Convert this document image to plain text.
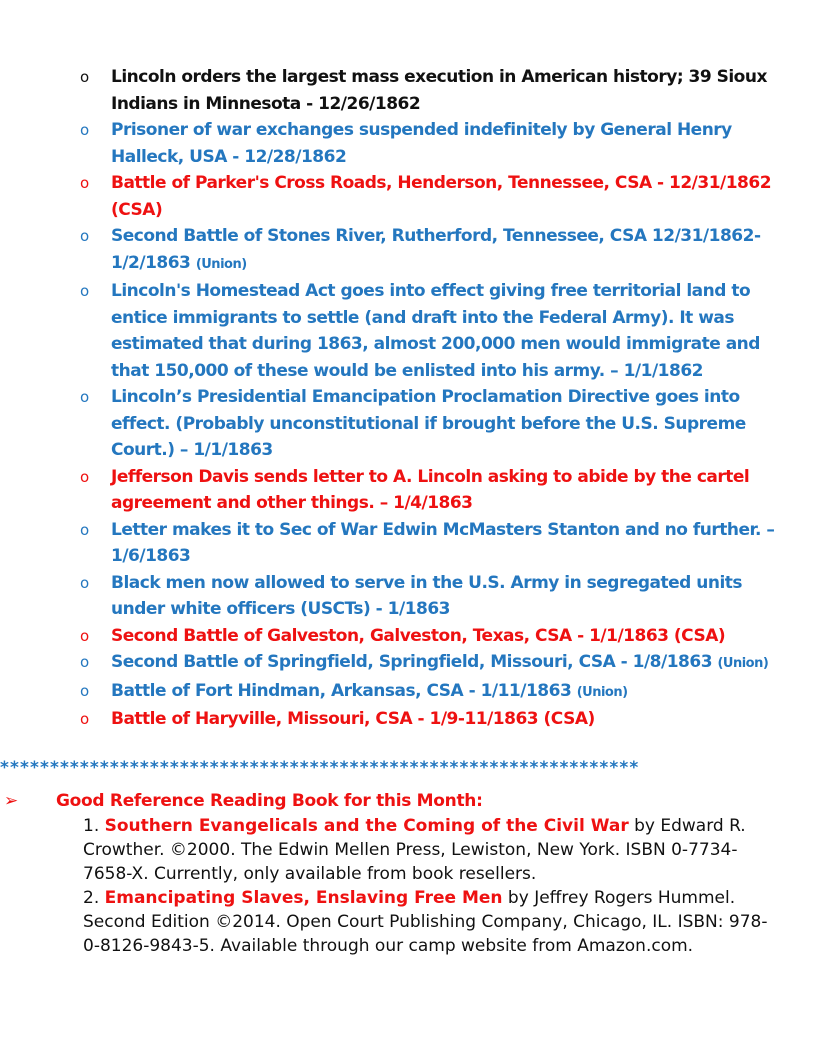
o Lincoln orders the largest mass execution in American history; 39 Sioux Indians in Minnesota - 12/26/1862
o Prisoner of war exchanges suspended indefinitely by General Henry Halleck, USA - 12/28/1862
o Battle of Parker's Cross Roads, Henderson, Tennessee, CSA - 12/31/1862 (CSA)
o Second Battle of Stones River, Rutherford, Tennessee, CSA 12/31/1862-1/2/1863 (Union)
o Lincoln's Homestead Act goes into effect giving free territorial land to entice immigrants to settle (and draft into the Federal Army). It was estimated that during 1863, almost 200,000 men would immigrate and that 150,000 of these would be enlisted into his army. – 1/1/1862
o Lincoln’s Presidential Emancipation Proclamation Directive goes into effect. (Probably unconstitutional if brought before the U.S. Supreme Court.) – 1/1/1863
o Jefferson Davis sends letter to A. Lincoln asking to abide by the cartel agreement and other things. – 1/4/1863
o Letter makes it to Sec of War Edwin McMasters Stanton and no further. – 1/6/1863
o Black men now allowed to serve in the U.S. Army in segregated units under white officers (USCTs) - 1/1863
o Second Battle of Galveston, Galveston, Texas, CSA - 1/1/1863 (CSA)
o Second Battle of Springfield, Springfield, Missouri, CSA - 1/8/1863 (Union)
o Battle of Fort Hindman, Arkansas, CSA - 1/11/1863 (Union)
o Battle of Haryville, Missouri, CSA - 1/9-11/1863 (CSA)
****************************************************************
➢ Good Reference Reading Book for this Month:
1. Southern Evangelicals and the Coming of the Civil War by Edward R. Crowther. ©2000. The Edwin Mellen Press, Lewiston, New York. ISBN 0-7734-7658-X. Currently, only available from book resellers.
2. Emancipating Slaves, Enslaving Free Men by Jeffrey Rogers Hummel. Second Edition ©2014. Open Court Publishing Company, Chicago, IL. ISBN: 978-0-8126-9843-5. Available through our camp website from Amazon.com.
